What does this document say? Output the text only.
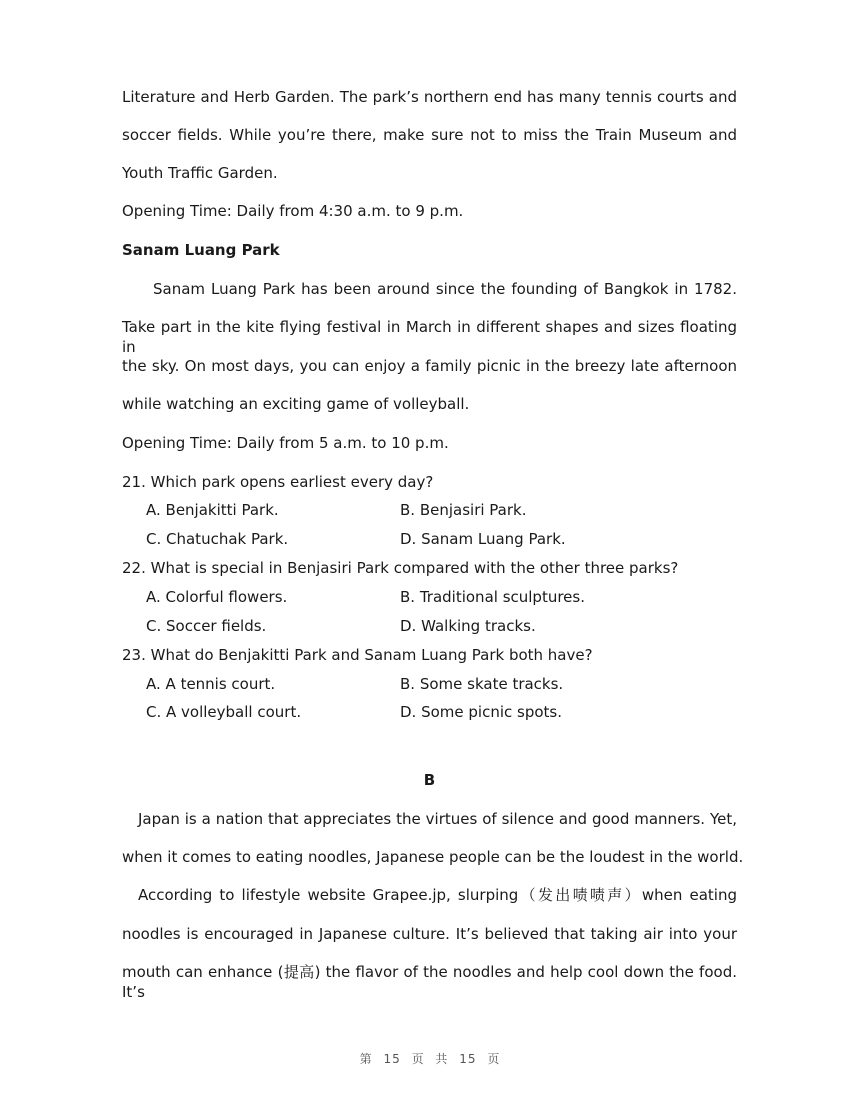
Literature and Herb Garden. The park’s northern end has many tennis courts and
soccer fields. While you’re there, make sure not to miss the Train Museum and
Youth Traffic Garden.
Opening Time: Daily from 4:30 a.m. to 9 p.m.
Sanam Luang Park
Sanam Luang Park has been around since the founding of Bangkok in 1782.
Take part in the kite flying festival in March in different shapes and sizes floating in
the sky. On most days, you can enjoy a family picnic in the breezy late afternoon
while watching an exciting game of volleyball.
Opening Time: Daily from 5 a.m. to 10 p.m.
21. Which park opens earliest every day?
A. Benjakitti Park.	B. Benjasiri Park.
C. Chatuchak Park.	D. Sanam Luang Park.
22. What is special in Benjasiri Park compared with the other three parks?
A. Colorful flowers.	B. Traditional sculptures.
C. Soccer fields.	D. Walking tracks.
23. What do Benjakitti Park and Sanam Luang Park both have?
A. A tennis court.	B. Some skate tracks.
C. A volleyball court.	D. Some picnic spots.
B
Japan is a nation that appreciates the virtues of silence and good manners. Yet,
when it comes to eating noodles, Japanese people can be the loudest in the world.
According to lifestyle website Grapee.jp, slurping（发出啧啧声）when eating
noodles is encouraged in Japanese culture. It’s believed that taking air into your
mouth can enhance (提高) the flavor of the noodles and help cool down the food. It’s
第 15 页 共 15 页
